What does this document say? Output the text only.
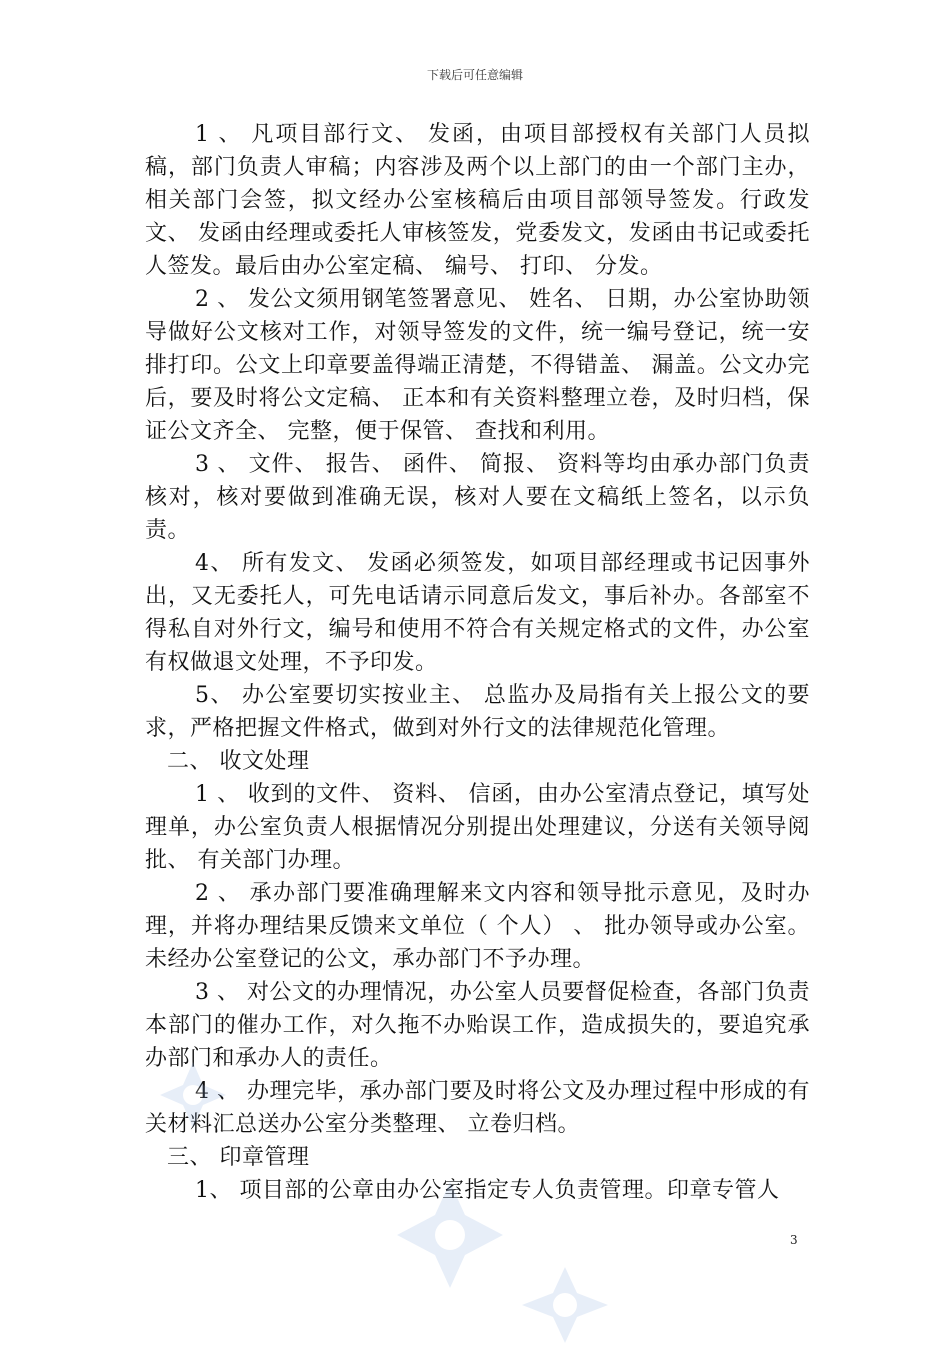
下载后可任意编辑

1 、 凡项目部行文、 发函，由项目部授权有关部门人员拟稿，部门负责人审稿；内容涉及两个以上部门的由一个部门主办，相关部门会签，拟文经办公室核稿后由项目部领导签发。行政发文、 发函由经理或委托人审核签发，党委发文，发函由书记或委托人签发。最后由办公室定稿、 编号、 打印、 分发。

2 、 发公文须用钢笔签署意见、 姓名、 日期，办公室协助领导做好公文核对工作，对领导签发的文件，统一编号登记，统一安排打印。公文上印章要盖得端正清楚，不得错盖、 漏盖。公文办完后，要及时将公文定稿、 正本和有关资料整理立卷，及时归档，保证公文齐全、 完整，便于保管、 查找和利用。

3 、 文件、 报告、 函件、 简报、 资料等均由承办部门负责核对，核对要做到准确无误，核对人要在文稿纸上签名，以示负责。

4、 所有发文、 发函必须签发，如项目部经理或书记因事外出，又无委托人，可先电话请示同意后发文，事后补办。各部室不得私自对外行文，编号和使用不符合有关规定格式的文件，办公室有权做退文处理，不予印发。

5、 办公室要切实按业主、 总监办及局指有关上报公文的要求，严格把握文件格式，做到对外行文的法律规范化管理。

二、 收文处理

1 、 收到的文件、 资料、 信函，由办公室清点登记，填写处理单，办公室负责人根据情况分别提出处理建议，分送有关领导阅批、 有关部门办理。

2 、 承办部门要准确理解来文内容和领导批示意见，及时办理，并将办理结果反馈来文单位（ 个人） 、 批办领导或办公室。未经办公室登记的公文，承办部门不予办理。

3 、 对公文的办理情况，办公室人员要督促检查，各部门负责本部门的催办工作，对久拖不办贻误工作，造成损失的，要追究承办部门和承办人的责任。

4 、 办理完毕，承办部门要及时将公文及办理过程中形成的有关材料汇总送办公室分类整理、 立卷归档。

三、 印章管理

1、 项目部的公章由办公室指定专人负责管理。印章专管人

3
